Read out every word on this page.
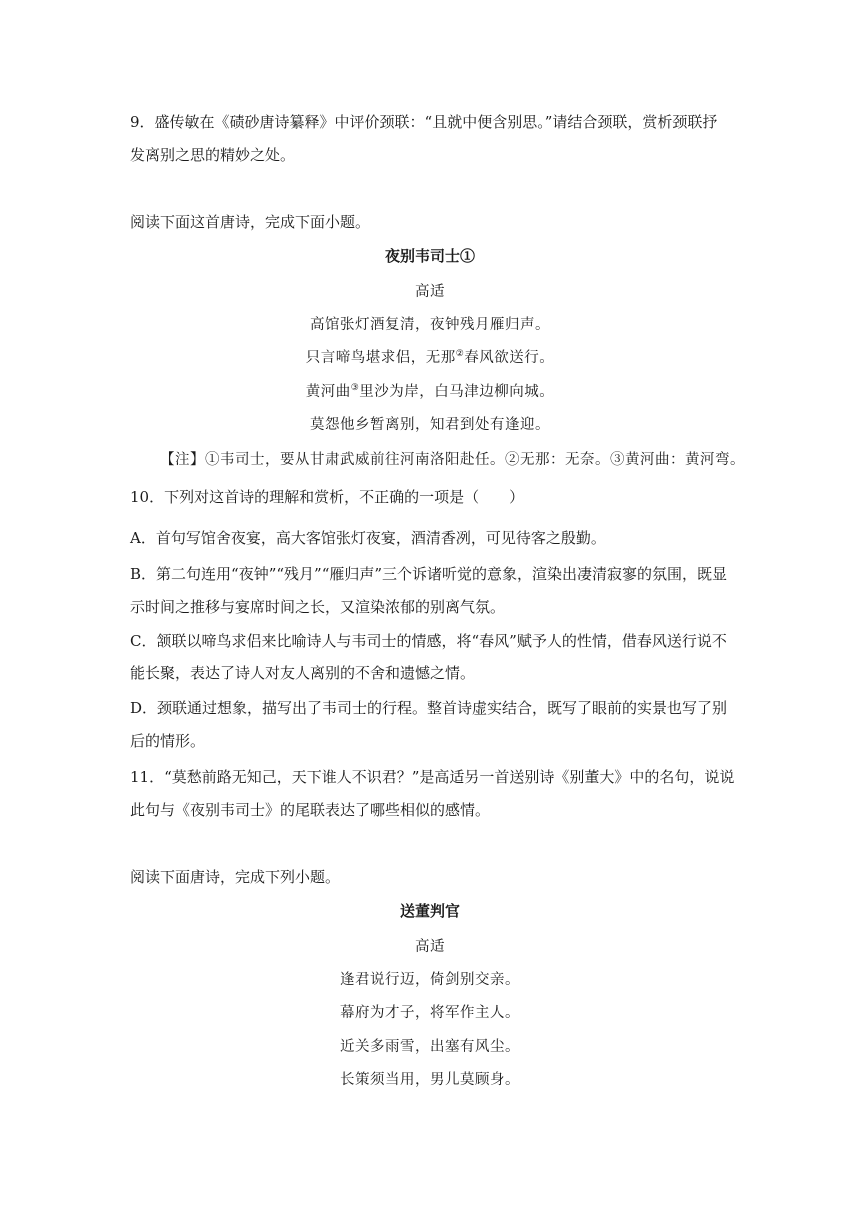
9．盛传敏在《碛砂唐诗纂释》中评价颈联：“且就中便含别思。”请结合颈联，赏析颈联抒
发离别之思的精妙之处。
阅读下面这首唐诗，完成下面小题。
夜别韦司士①
高适
高馆张灯酒复清，夜钟残月雁归声。
只言啼鸟堪求侣，无那②春风欲送行。
黄河曲③里沙为岸，白马津边柳向城。
莫怨他乡暂离别，知君到处有逢迎。
【注】①韦司士，要从甘肃武威前往河南洛阳赴任。②无那：无奈。③黄河曲：黄河弯。
10．下列对这首诗的理解和赏析，不正确的一项是（　　）
A．首句写馆舍夜宴，高大客馆张灯夜宴，酒清香冽，可见待客之殷勤。
B．第二句连用“夜钟”“残月”“雁归声”三个诉诸听觉的意象，渲染出凄清寂寥的氛围，既显
示时间之推移与宴席时间之长，又渲染浓郁的别离气氛。
C．颔联以啼鸟求侣来比喻诗人与韦司士的情感，将“春风”赋予人的性情，借春风送行说不
能长聚，表达了诗人对友人离别的不舍和遗憾之情。
D．颈联通过想象，描写出了韦司士的行程。整首诗虚实结合，既写了眼前的实景也写了别
后的情形。
11．“莫愁前路无知己，天下谁人不识君？”是高适另一首送别诗《别董大》中的名句，说说
此句与《夜别韦司士》的尾联表达了哪些相似的感情。
阅读下面唐诗，完成下列小题。
送董判官
高适
逢君说行迈，倚剑别交亲。
幕府为才子，将军作主人。
近关多雨雪，出塞有风尘。
长策须当用，男儿莫顾身。
